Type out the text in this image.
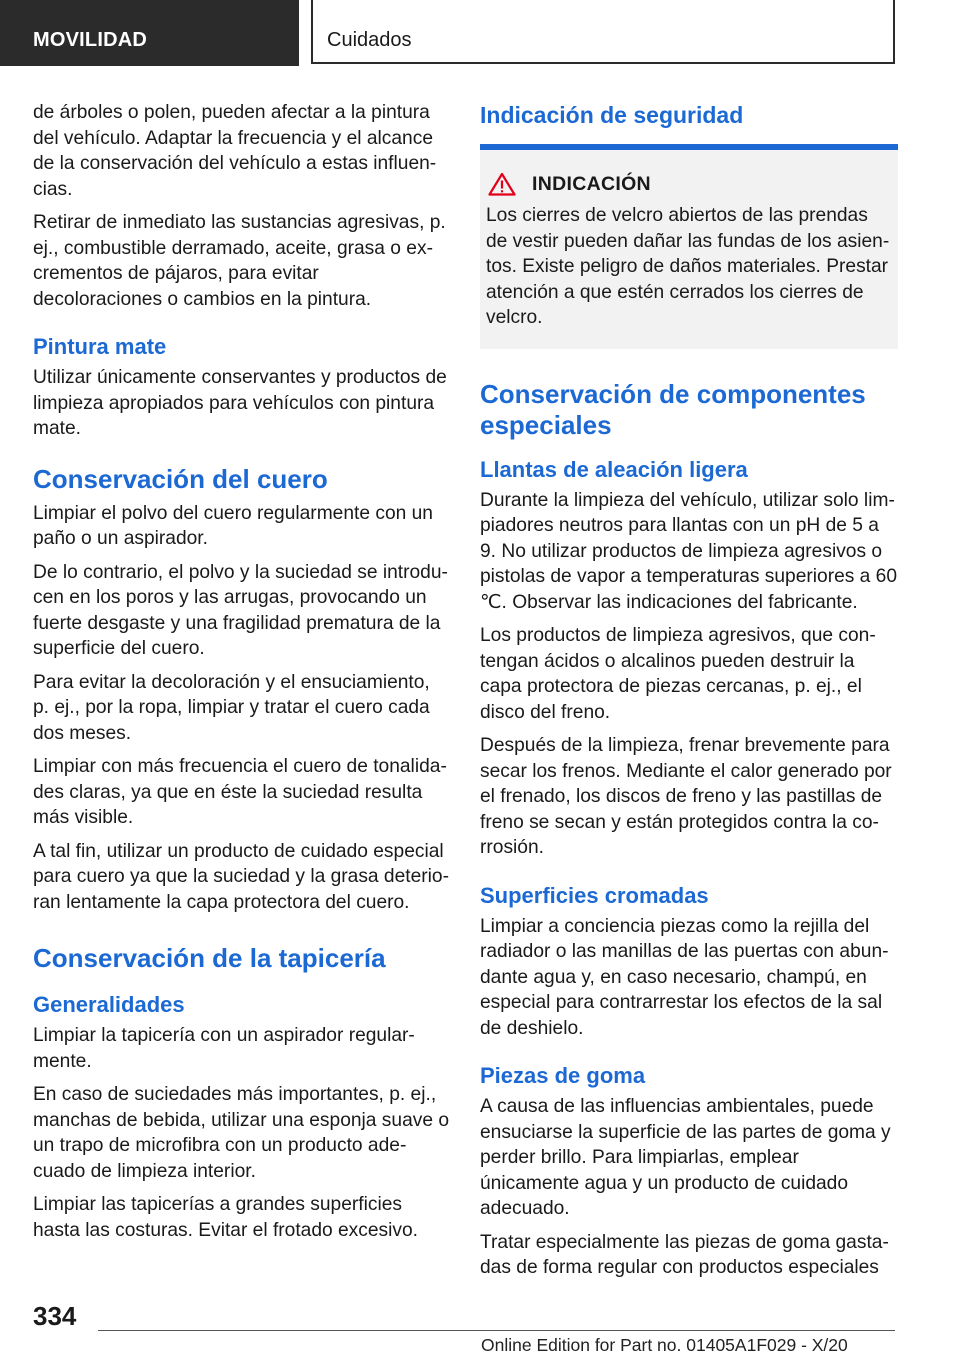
MOVILIDAD	Cuidados

de árboles o polen, pueden afectar a la pintura del vehículo. Adaptar la frecuencia y el alcance de la conservación del vehículo a estas influencias.

Retirar de inmediato las sustancias agresivas, p. ej., combustible derramado, aceite, grasa o excrementos de pájaros, para evitar decoloraciones o cambios en la pintura.

Pintura mate

Utilizar únicamente conservantes y productos de limpieza apropiados para vehículos con pintura mate.

Conservación del cuero

Limpiar el polvo del cuero regularmente con un paño o un aspirador.

De lo contrario, el polvo y la suciedad se introducen en los poros y las arrugas, provocando un fuerte desgaste y una fragilidad prematura de la superficie del cuero.

Para evitar la decoloración y el ensuciamiento, p. ej., por la ropa, limpiar y tratar el cuero cada dos meses.

Limpiar con más frecuencia el cuero de tonalidades claras, ya que en éste la suciedad resulta más visible.

A tal fin, utilizar un producto de cuidado especial para cuero ya que la suciedad y la grasa deterioran lentamente la capa protectora del cuero.

Conservación de la tapicería
Generalidades

Limpiar la tapicería con un aspirador regularmente.

En caso de suciedades más importantes, p. ej., manchas de bebida, utilizar una esponja suave o un trapo de microfibra con un producto adecuado de limpieza interior.

Limpiar las tapicerías a grandes superficies hasta las costuras. Evitar el frotado excesivo.

Indicación de seguridad
INDICACIÓN

Los cierres de velcro abiertos de las prendas de vestir pueden dañar las fundas de los asientos. Existe peligro de daños materiales. Prestar atención a que estén cerrados los cierres de velcro.

Conservación de componentes especiales
Llantas de aleación ligera

Durante la limpieza del vehículo, utilizar solo limpiadores neutros para llantas con un pH de 5 a 9. No utilizar productos de limpieza agresivos o pistolas de vapor a temperaturas superiores a 60 ℃. Observar las indicaciones del fabricante.

Los productos de limpieza agresivos, que contengan ácidos o alcalinos pueden destruir la capa protectora de piezas cercanas, p. ej., el disco del freno.

Después de la limpieza, frenar brevemente para secar los frenos. Mediante el calor generado por el frenado, los discos de freno y las pastillas de freno se secan y están protegidos contra la corrosión.

Superficies cromadas

Limpiar a conciencia piezas como la rejilla del radiador o las manillas de las puertas con abundante agua y, en caso necesario, champú, en especial para contrarrestar los efectos de la sal de deshielo.

Piezas de goma

A causa de las influencias ambientales, puede ensuciarse la superficie de las partes de goma y perder brillo. Para limpiarlas, emplear únicamente agua y un producto de cuidado adecuado.

Tratar especialmente las piezas de goma gastadas de forma regular con productos especiales

334
Online Edition for Part no. 01405A1F029 - X/20
